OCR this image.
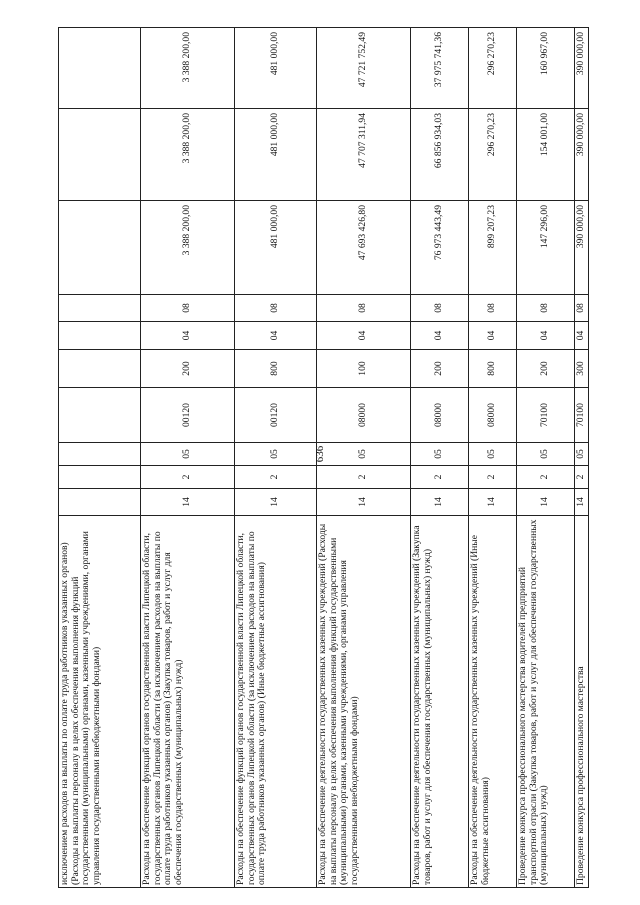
636
исключением расходов на выплаты по оплате труда работников указанных органов) (Расходы на выплаты персоналу в целях обеспечения выполнения функций государственными (муниципальными) органами, казенными учреждениями, органами управления государственными внебюджетными фондами)										
Расходы на обеспечение функций органов государственной власти Липецкой области, государственных органов Липецкой области (за исключением расходов на выплаты по оплате труда работников указанных органов) (Закупка товаров, работ и услуг для обеспечения государственных (муниципальных) нужд)	14	2	05	00120	200	04	08	3 388 200,00	3 388 200,00	3 388 200,00
Расходы на обеспечение функций органов государственной власти Липецкой области, государственных органов Липецкой области (за исключением расходов на выплаты по оплате труда работников указанных органов) (Иные бюджетные ассигнования)	14	2	05	00120	800	04	08	481 000,00	481 000,00	481 000,00
Расходы на обеспечение деятельности государственных казенных учреждений (Расходы на выплаты персоналу в целях обеспечения выполнения функций государственными (муниципальными) органами, казенными учреждениями, органами управления государственными внебюджетными фондами)	14	2	05	08000	100	04	08	47 693 426,80	47 707 311,94	47 721 752,49
Расходы на обеспечение деятельности государственных казенных учреждений (Закупка товаров, работ и услуг для обеспечения государственных (муниципальных) нужд)	14	2	05	08000	200	04	08	76 973 443,49	66 856 934,03	37 975 741,36
Расходы на обеспечение деятельности государственных казенных учреждений (Иные бюджетные ассигнования)	14	2	05	08000	800	04	08	899 207,23	296 270,23	296 270,23
Проведение конкурса профессионального мастерства водителей предприятий транспортной отрасли (Закупка товаров, работ и услуг для обеспечения государственных (муниципальных) нужд)	14	2	05	70100	200	04	08	147 296,00	154 001,00	160 967,00
Проведение конкурса профессионального мастерства	14	2	05	70100	300	04	08	390 000,00	390 000,00	390 000,00
